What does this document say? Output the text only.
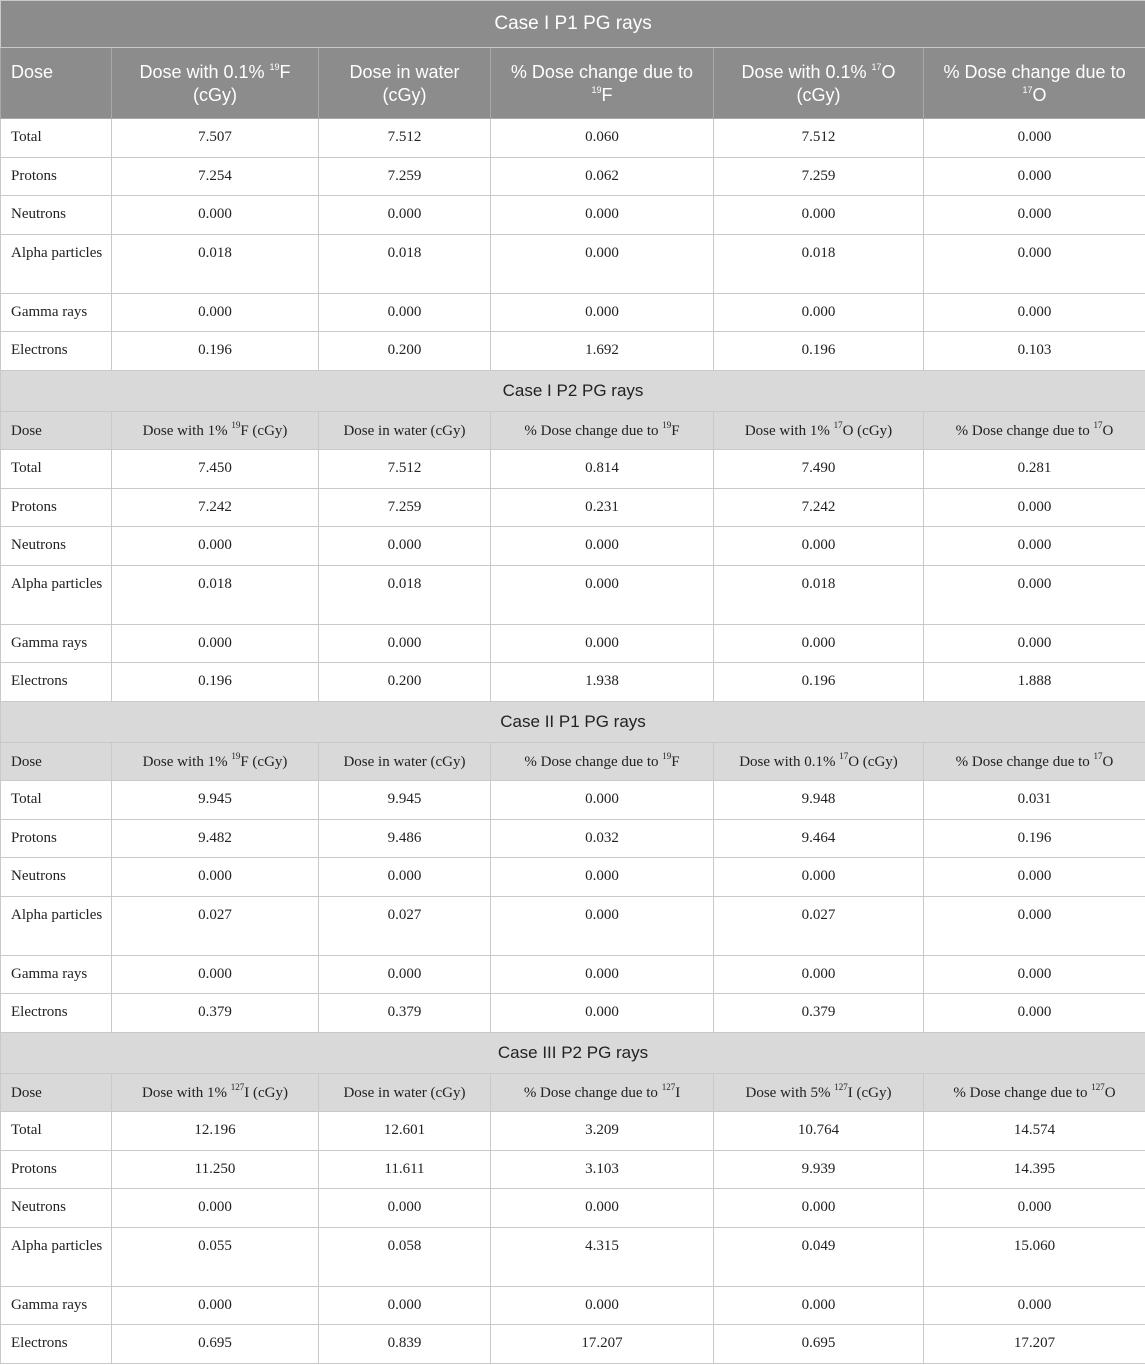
Case I P1 PG rays					
Dose	Dose with 0.1% $^{19}$F (cGy)	Dose in water (cGy)	% Dose change due to $^{19}$F	Dose with 0.1% $^{17}$O (cGy)	% Dose change due to $^{17}$O
Total	7.507	7.512	0.060	7.512	0.000
Protons	7.254	7.259	0.062	7.259	0.000
Neutrons	0.000	0.000	0.000	0.000	0.000
Alpha particles	0.018	0.018	0.000	0.018	0.000
Gamma rays	0.000	0.000	0.000	0.000	0.000
Electrons	0.196	0.200	1.692	0.196	0.103
Case I P2 PG rays					
Dose	Dose with 1% $^{19}$F (cGy)	Dose in water (cGy)	% Dose change due to $^{19}$F	Dose with 1% $^{17}$O (cGy)	% Dose change due to $^{17}$O
Total	7.450	7.512	0.814	7.490	0.281
Protons	7.242	7.259	0.231	7.242	0.000
Neutrons	0.000	0.000	0.000	0.000	0.000
Alpha particles	0.018	0.018	0.000	0.018	0.000
Gamma rays	0.000	0.000	0.000	0.000	0.000
Electrons	0.196	0.200	1.938	0.196	1.888
Case II P1 PG rays					
Dose	Dose with 1% $^{19}$F (cGy)	Dose in water (cGy)	% Dose change due to $^{19}$F	Dose with 0.1% $^{17}$O (cGy)	% Dose change due to $^{17}$O
Total	9.945	9.945	0.000	9.948	0.031
Protons	9.482	9.486	0.032	9.464	0.196
Neutrons	0.000	0.000	0.000	0.000	0.000
Alpha particles	0.027	0.027	0.000	0.027	0.000
Gamma rays	0.000	0.000	0.000	0.000	0.000
Electrons	0.379	0.379	0.000	0.379	0.000
Case III P2 PG rays					
Dose	Dose with 1% $^{127}$I (cGy)	Dose in water (cGy)	% Dose change due to $^{127}$I	Dose with 5% $^{127}$I (cGy)	% Dose change due to $^{127}$O
Total	12.196	12.601	3.209	10.764	14.574
Protons	11.250	11.611	3.103	9.939	14.395
Neutrons	0.000	0.000	0.000	0.000	0.000
Alpha particles	0.055	0.058	4.315	0.049	15.060
Gamma rays	0.000	0.000	0.000	0.000	0.000
Electrons	0.695	0.839	17.207	0.695	17.207
